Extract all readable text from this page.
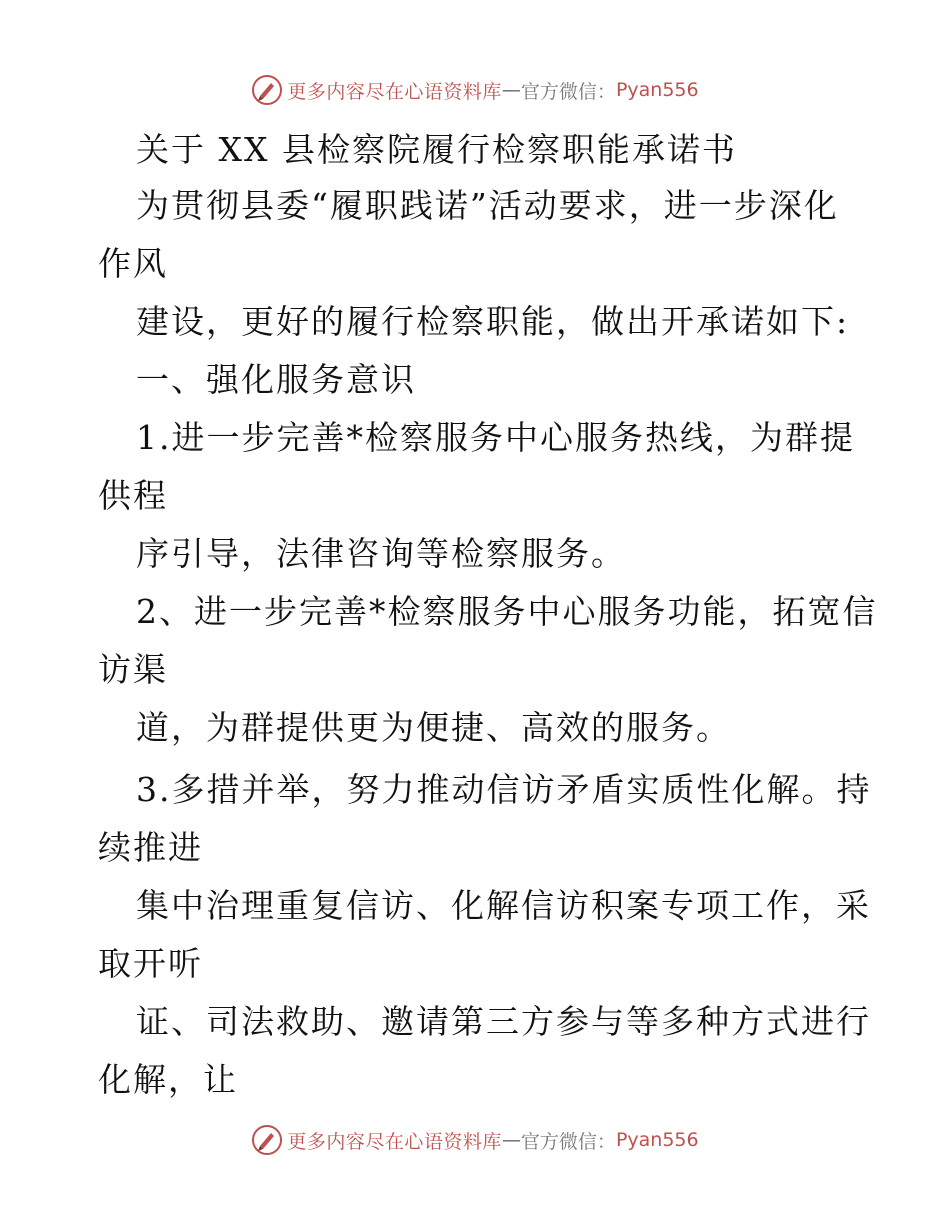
更多内容尽在心语资料库 — 官方微信： Pyan556
关于 XX 县检察院履行检察职能承诺书
为贯彻县委“履职践诺”活动要求，进一步深化
作风
建设，更好的履行检察职能，做出开承诺如下:
一、强化服务意识
1.进一步完善*检察服务中心服务热线，为群提
供程
序引导，法律咨询等检察服务。
2、进一步完善*检察服务中心服务功能，拓宽信
访渠
道，为群提供更为便捷、高效的服务。
3.多措并举，努力推动信访矛盾实质性化解。持
续推进
集中治理重复信访、化解信访积案专项工作，采
取开听
证、司法救助、邀请第三方参与等多种方式进行
化解，让
更多内容尽在心语资料库 — 官方微信： Pyan556
